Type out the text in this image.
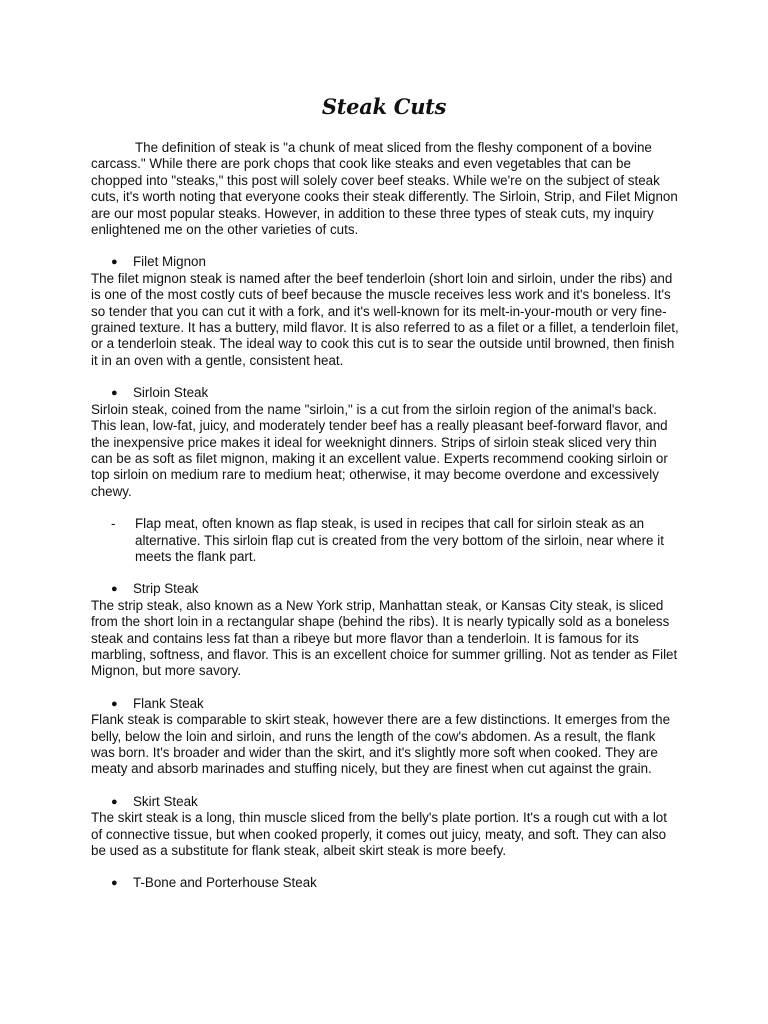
Steak Cuts

The definition of steak is "a chunk of meat sliced from the fleshy component of a bovine carcass." While there are pork chops that cook like steaks and even vegetables that can be chopped into "steaks," this post will solely cover beef steaks. While we're on the subject of steak cuts, it's worth noting that everyone cooks their steak differently. The Sirloin, Strip, and Filet Mignon are our most popular steaks. However, in addition to these three types of steak cuts, my inquiry enlightened me on the other varieties of cuts.

●	Filet Mignon

The filet mignon steak is named after the beef tenderloin (short loin and sirloin, under the ribs) and is one of the most costly cuts of beef because the muscle receives less work and it's boneless. It's so tender that you can cut it with a fork, and it's well-known for its melt-in-your-mouth or very fine-grained texture. It has a buttery, mild flavor. It is also referred to as a filet or a fillet, a tenderloin filet, or a tenderloin steak. The ideal way to cook this cut is to sear the outside until browned, then finish it in an oven with a gentle, consistent heat.

●	Sirloin Steak

Sirloin steak, coined from the name "sirloin," is a cut from the sirloin region of the animal's back. This lean, low-fat, juicy, and moderately tender beef has a really pleasant beef-forward flavor, and the inexpensive price makes it ideal for weeknight dinners. Strips of sirloin steak sliced very thin can be as soft as filet mignon, making it an excellent value. Experts recommend cooking sirloin or top sirloin on medium rare to medium heat; otherwise, it may become overdone and excessively chewy.

-	Flap meat, often known as flap steak, is used in recipes that call for sirloin steak as an alternative. This sirloin flap cut is created from the very bottom of the sirloin, near where it meets the flank part.
●	Strip Steak

The strip steak, also known as a New York strip, Manhattan steak, or Kansas City steak, is sliced from the short loin in a rectangular shape (behind the ribs). It is nearly typically sold as a boneless steak and contains less fat than a ribeye but more flavor than a tenderloin. It is famous for its marbling, softness, and flavor. This is an excellent choice for summer grilling. Not as tender as Filet Mignon, but more savory.

●	Flank Steak

Flank steak is comparable to skirt steak, however there are a few distinctions. It emerges from the belly, below the loin and sirloin, and runs the length of the cow's abdomen. As a result, the flank was born. It's broader and wider than the skirt, and it's slightly more soft when cooked. They are meaty and absorb marinades and stuffing nicely, but they are finest when cut against the grain.

●	Skirt Steak

The skirt steak is a long, thin muscle sliced from the belly's plate portion. It's a rough cut with a lot of connective tissue, but when cooked properly, it comes out juicy, meaty, and soft. They can also be used as a substitute for flank steak, albeit skirt steak is more beefy.

●	T-Bone and Porterhouse Steak
